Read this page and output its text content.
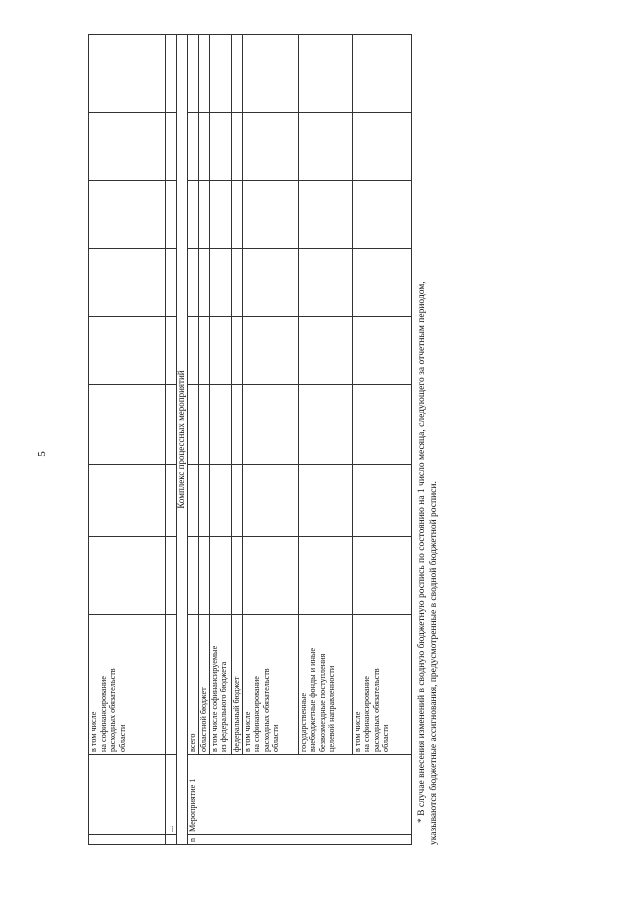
5
		в том числе
на софинансирование
расходных обязательств
области								
	...									
Комплекс процессных мероприятий										
n	Мероприятие 1	всего								
		областной бюджет								
		в том числе софинансируемые
из федерального бюджета								
		федеральный бюджет								
		в том числе
на софинансирование
расходных обязательств
области								
		государственные
внебюджетные фонды и иные
безвозмездные поступления
целевой направленности								
		в том числе
на софинансирование
расходных обязательств
области									* В случае внесения изменений в сводную бюджетную роспись по состоянию на 1 число месяца, следующего за отчетным периодом, указываются бюджетные ассигнования, предусмотренные в сводной бюджетной росписи.
